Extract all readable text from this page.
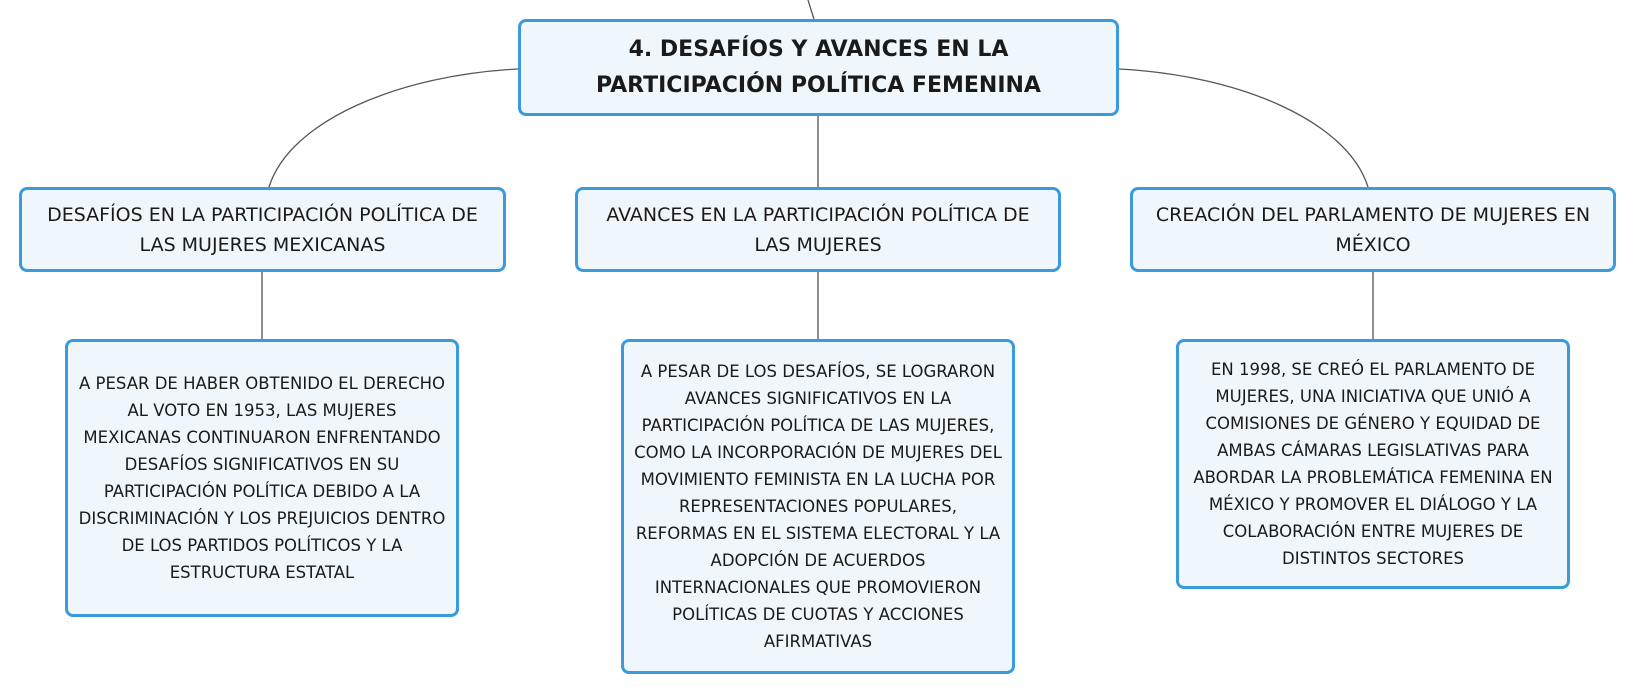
4. DESAFÍOS Y AVANCES EN LA PARTICIPACIÓN POLÍTICA FEMENINA
DESAFÍOS EN LA PARTICIPACIÓN POLÍTICA DE LAS MUJERES MEXICANAS
AVANCES EN LA PARTICIPACIÓN POLÍTICA DE LAS MUJERES
CREACIÓN DEL PARLAMENTO DE MUJERES EN MÉXICO
A PESAR DE HABER OBTENIDO EL DERECHO AL VOTO EN 1953, LAS MUJERES MEXICANAS CONTINUARON ENFRENTANDO DESAFÍOS SIGNIFICATIVOS EN SU PARTICIPACIÓN POLÍTICA DEBIDO A LA DISCRIMINACIÓN Y LOS PREJUICIOS DENTRO DE LOS PARTIDOS POLÍTICOS Y LA ESTRUCTURA ESTATAL
A PESAR DE LOS DESAFÍOS, SE LOGRARON AVANCES SIGNIFICATIVOS EN LA PARTICIPACIÓN POLÍTICA DE LAS MUJERES, COMO LA INCORPORACIÓN DE MUJERES DEL MOVIMIENTO FEMINISTA EN LA LUCHA POR REPRESENTACIONES POPULARES, REFORMAS EN EL SISTEMA ELECTORAL Y LA ADOPCIÓN DE ACUERDOS INTERNACIONALES QUE PROMOVIERON POLÍTICAS DE CUOTAS Y ACCIONES AFIRMATIVAS
EN 1998, SE CREÓ EL PARLAMENTO DE MUJERES, UNA INICIATIVA QUE UNIÓ A COMISIONES DE GÉNERO Y EQUIDAD DE AMBAS CÁMARAS LEGISLATIVAS PARA ABORDAR LA PROBLEMÁTICA FEMENINA EN MÉXICO Y PROMOVER EL DIÁLOGO Y LA COLABORACIÓN ENTRE MUJERES DE DISTINTOS SECTORES
